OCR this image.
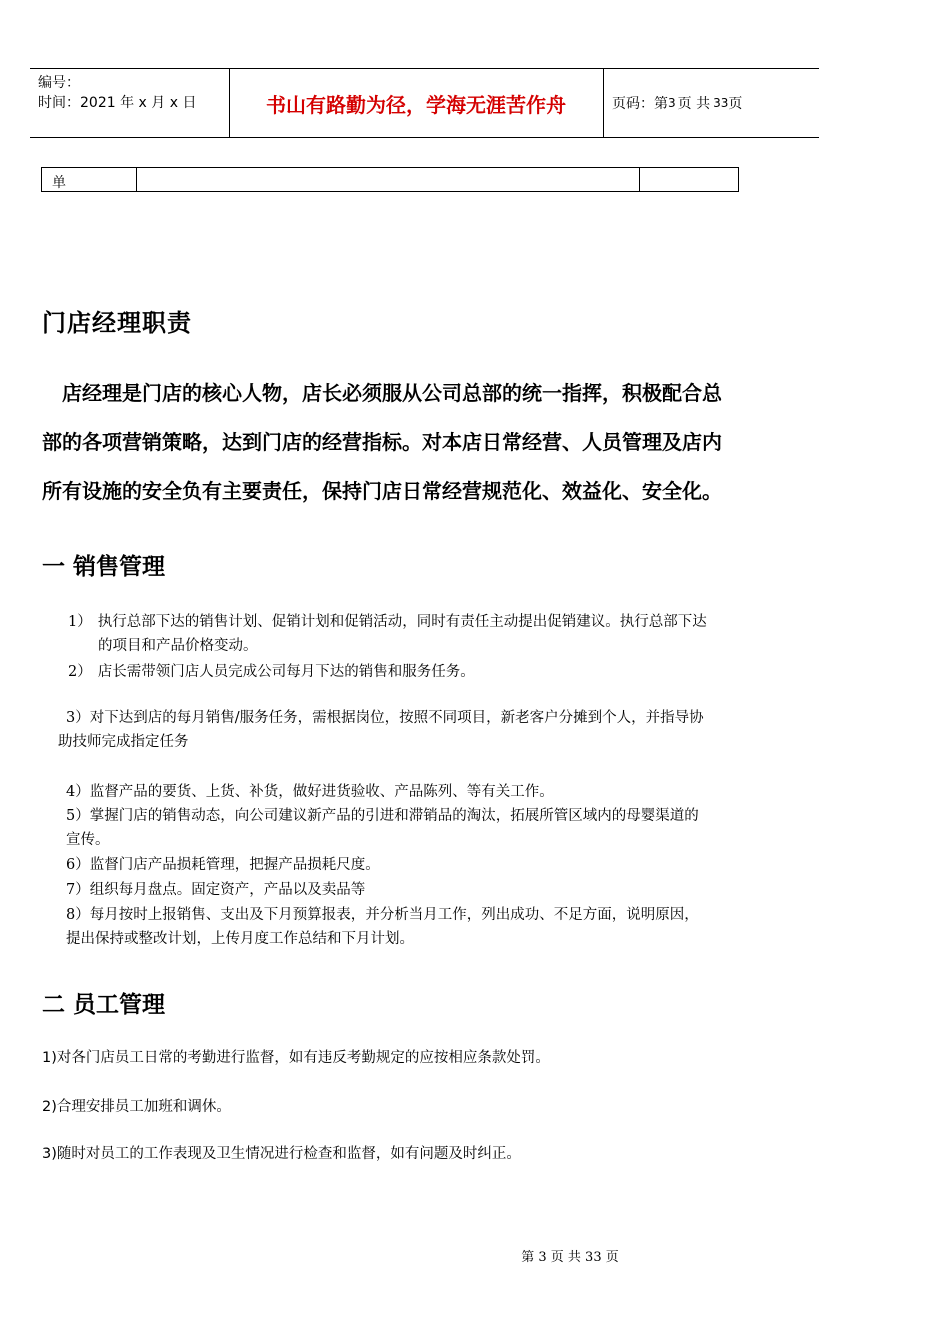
编号：
时间：2021 年 x 月 x 日	书山有路勤为径，学海无涯苦作舟	页码：第 3 页 共 33 页
单
门店经理职责

　店经理是门店的核心人物，店长必须服从公司总部的统一指挥，积极配合总

部的各项营销策略，达到门店的经营指标。对本店日常经营、人员管理及店内

所有设施的安全负有主要责任，保持门店日常经营规范化、效益化、安全化。

一 销售管理
1） 执行总部下达的销售计划、促销计划和促销活动，同时有责任主动提出促销建议。执行总部下达
的项目和产品价格变动。
2） 店长需带领门店人员完成公司每月下达的销售和服务任务。
3）对下达到店的每月销售/服务任务，需根据岗位，按照不同项目，新老客户分摊到个人，并指导协
助技师完成指定任务
4）监督产品的要货、上货、补货，做好进货验收、产品陈列、等有关工作。
5）掌握门店的销售动态，向公司建议新产品的引进和滞销品的淘汰，拓展所管区域内的母婴渠道的
宣传。
6）监督门店产品损耗管理，把握产品损耗尺度。
7）组织每月盘点。固定资产，产品以及卖品等
8）每月按时上报销售、支出及下月预算报表，并分析当月工作，列出成功、不足方面，说明原因，
提出保持或整改计划，上传月度工作总结和下月计划。
二 员工管理
1)对各门店员工日常的考勤进行监督，如有违反考勤规定的应按相应条款处罚。
2)合理安排员工加班和调休。
3)随时对员工的工作表现及卫生情况进行检查和监督，如有问题及时纠正。
第 3 页 共 33 页
